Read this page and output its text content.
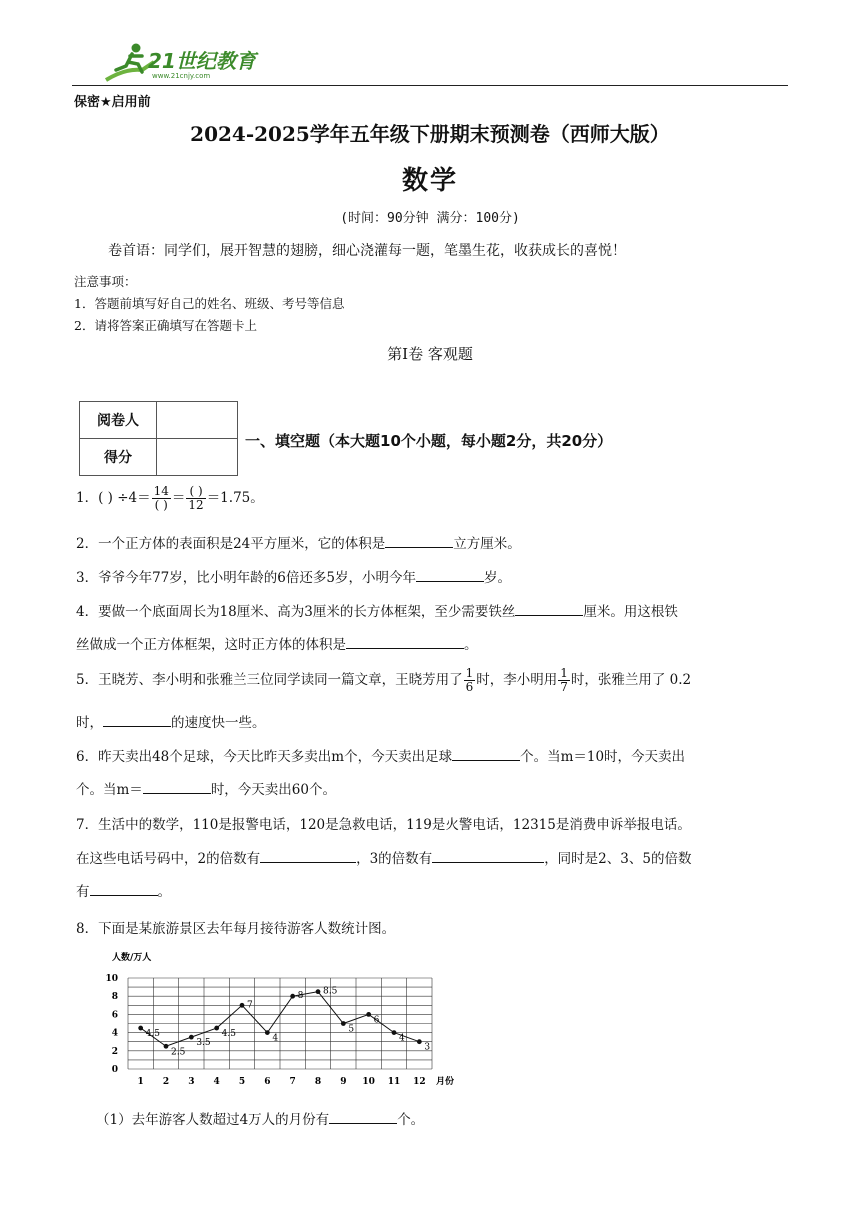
21世纪教育
www.21cnjy.com
保密★启用前
2024-2025学年五年级下册期末预测卷（西师大版）
数学
(时间：90分钟 满分：100分)
卷首语：同学们，展开智慧的翅膀，细心浇灌每一题，笔墨生花，收获成长的喜悦！
注意事项：
1．答题前填写好自己的姓名、班级、考号等信息
2．请将答案正确填写在答题卡上
第Ⅰ卷 客观题
阅卷人	
得分	
一、填空题（本大题10个小题，每小题2分，共20分）
1．( ) $\div 4= \frac{14}{( )} = \frac{( )}{12} =1.75$。
2．一个正方体的表面积是24平方厘米，它的体积是	立方厘米。
3．爷爷今年77岁，比小明年龄的6倍还多5岁，小明今年	岁。
4．要做一个底面周长为18厘米、高为3厘米的长方体框架，至少需要铁丝	厘米。用这根铁
丝做成一个正方体框架，这时正方体的体积是	。
5．王晓芳、李小明和张雅兰三位同学读同一篇文章，王晓芳用了 $\frac{1}{6}$ 时，李小明用 $\frac{1}{7}$ 时，张雅兰用了 0.2
时，	的速度快一些。
6．昨天卖出48个足球，今天比昨天多卖出m个，今天卖出足球	个。当m＝10时，今天卖出
个。当m＝	时，今天卖出60个。
7．生活中的数学，110是报警电话，120是急救电话，119是火警电话，12315是消费申诉举报电话。
在这些电话号码中，2的倍数有	，3的倍数有	，同时是2、3、5的倍数
有	。
8．下面是某旅游景区去年每月接待游客人数统计图。
人数/万人
0
2
4
6
8
10
1 2 3 4 5 6 7 8 9 10 11 12 月份
4.5
2.5
3.5
4.5
7
4
8 8.5
5
6
4
3
（1）去年游客人数超过4万人的月份有	个。
